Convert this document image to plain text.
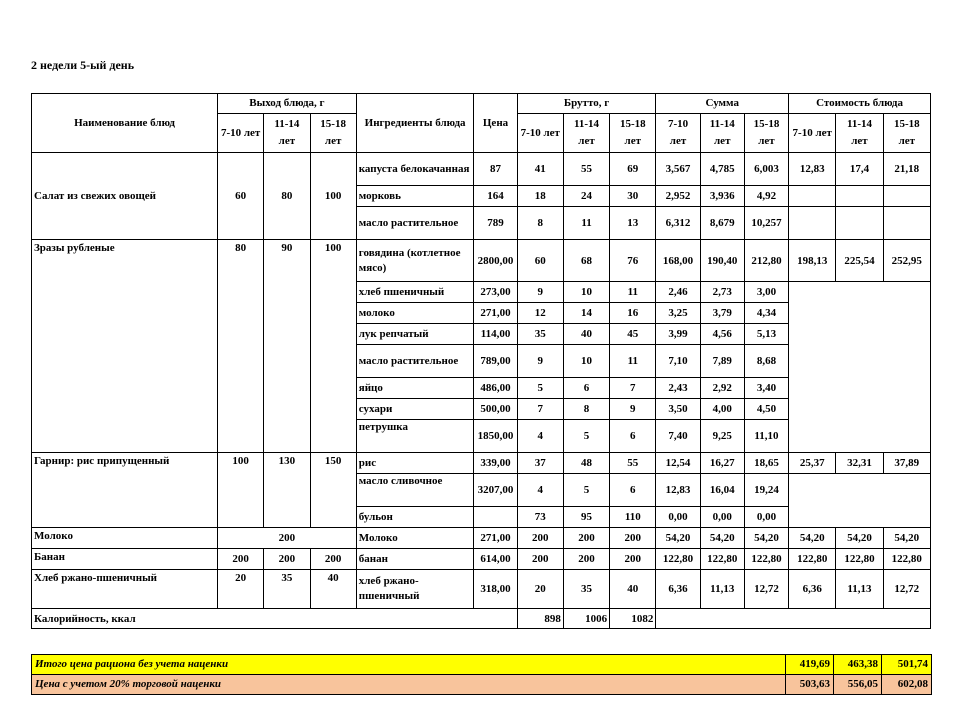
2 недели 5-ый день
Наименование блюд	Выход блюда, г			Ингредиенты блюда	Цена	Брутто, г			Сумма			Стоимость блюда		
	7-10 лет	11-14 лет	15-18 лет			7-10 лет	11-14 лет	15-18 лет	7-10 лет	11-14 лет	15-18 лет	7-10 лет	11-14 лет	15-18 лет
Салат из свежих овощей	60	80	100	капуста белокачанная	87	41	55	69	3,567	4,785	6,003	12,83	17,4	21,18
				морковь	164	18	24	30	2,952	3,936	4,92			
				масло растительное	789	8	11	13	6,312	8,679	10,257			
Зразы рубленые	80	90	100	говядина (котлетное мясо)	2800,00	60	68	76	168,00	190,40	212,80	198,13	225,54	252,95
				хлеб пшеничный	273,00	9	10	11	2,46	2,73	3,00			
				молоко	271,00	12	14	16	3,25	3,79	4,34			
				лук репчатый	114,00	35	40	45	3,99	4,56	5,13			
				масло растительное	789,00	9	10	11	7,10	7,89	8,68			
				яйцо	486,00	5	6	7	2,43	2,92	3,40			
				сухари	500,00	7	8	9	3,50	4,00	4,50			
				петрушка	1850,00	4	5	6	7,40	9,25	11,10			
Гарнир: рис припущенный	100	130	150	рис	339,00	37	48	55	12,54	16,27	18,65	25,37	32,31	37,89
				масло сливочное	3207,00	4	5	6	12,83	16,04	19,24			
				бульон		73	95	110	0,00	0,00	0,00			
Молоко	200			Молоко	271,00	200	200	200	54,20	54,20	54,20	54,20	54,20	54,20
Банан	200	200	200	банан	614,00	200	200	200	122,80	122,80	122,80	122,80	122,80	122,80
Хлеб ржано-пшеничный	20	35	40	хлеб ржано-пшеничный	318,00	20	35	40	6,36	11,13	12,72	6,36	11,13	12,72
Калорийность, ккал						898	1006	1082						
Итого цена рациона без учета наценки	419,69	463,38	501,74
Цена с учетом 20% торговой наценки	503,63	556,05	602,08
